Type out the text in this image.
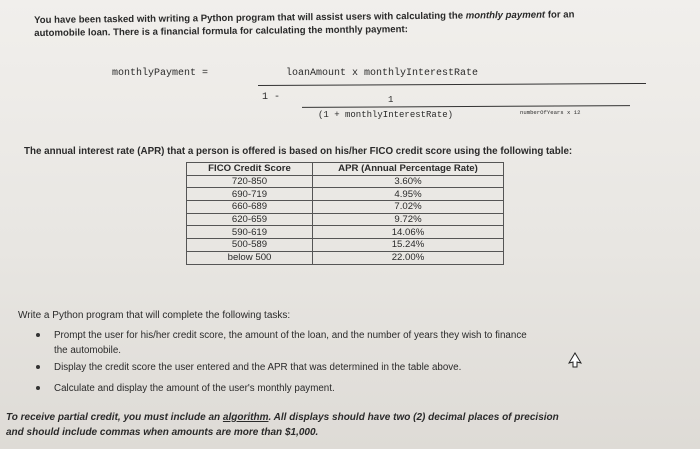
You have been tasked with writing a Python program that will assist users with calculating the monthly payment for an
automobile loan. There is a financial formula for calculating the monthly payment:
monthlyPayment =	loanAmount x monthlyInterestRate
1 -	1
(1 + monthlyInterestRate)	numberOfYears x 12
The annual interest rate (APR) that a person is offered is based on his/her FICO credit score using the following table:
FICO Credit Score	APR (Annual Percentage Rate)
720-850	3.60%
690-719	4.95%
660-689	7.02%
620-659	9.72%
590-619	14.06%
500-589	15.24%
below 500	22.00%
Write a Python program that will complete the following tasks:
Prompt the user for his/her credit score, the amount of the loan, and the number of years they wish to finance
the automobile.
Display the credit score the user entered and the APR that was determined in the table above.
Calculate and display the amount of the user's monthly payment.
To receive partial credit, you must include an algorithm. All displays should have two (2) decimal places of precision
and should include commas when amounts are more than $1,000.
